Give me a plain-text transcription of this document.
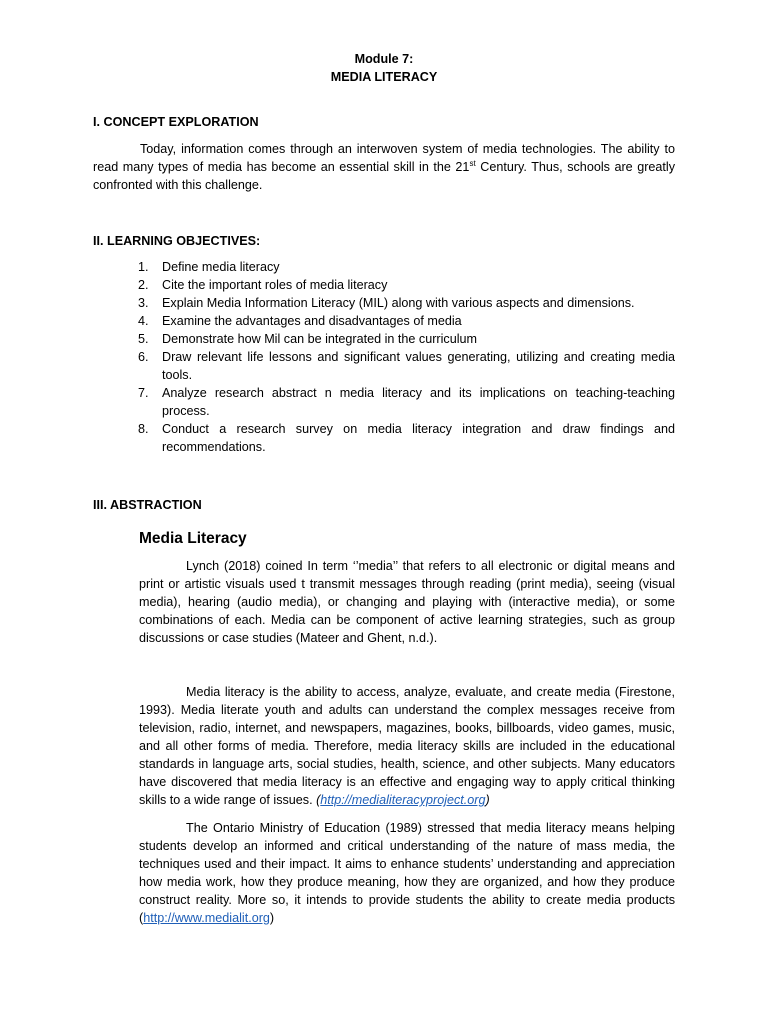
Module 7:
MEDIA LITERACY
I. CONCEPT EXPLORATION
Today, information comes through an interwoven system of media technologies. The ability to read many types of media has become an essential skill in the 21st Century. Thus, schools are greatly confronted with this challenge.
II. LEARNING OBJECTIVES:
1. Define media literacy
2. Cite the important roles of media literacy
3. Explain Media Information Literacy (MIL) along with various aspects and dimensions.
4. Examine the advantages and disadvantages of media
5. Demonstrate how Mil can be integrated in the curriculum
6. Draw relevant life lessons and significant values generating, utilizing and creating media tools.
7. Analyze research abstract n media literacy and its implications on teaching-teaching process.
8. Conduct a research survey on media literacy integration and draw findings and recommendations.
III. ABSTRACTION
Media Literacy
Lynch (2018) coined In term ‘’media’’ that refers to all electronic or digital means and print or artistic visuals used t transmit messages through reading (print media), seeing (visual media), hearing (audio media), or changing and playing with (interactive media), or some combinations of each. Media can be component of active learning strategies, such as group discussions or case studies (Mateer and Ghent, n.d.).
Media literacy is the ability to access, analyze, evaluate, and create media (Firestone, 1993). Media literate youth and adults can understand the complex messages receive from television, radio, internet, and newspapers, magazines, books, billboards, video games, music, and all other forms of media. Therefore, media literacy skills are included in the educational standards in language arts, social studies, health, science, and other subjects. Many educators have discovered that media literacy is an effective and engaging way to apply critical thinking skills to a wide range of issues. (http://medialiteracyproject.org)
The Ontario Ministry of Education (1989) stressed that media literacy means helping students develop an informed and critical understanding of the nature of mass media, the techniques used and their impact. It aims to enhance students’ understanding and appreciation how media work, how they produce meaning, how they are organized, and how they produce construct reality. More so, it intends to provide students the ability to create media products (http://www.medialit.org)
